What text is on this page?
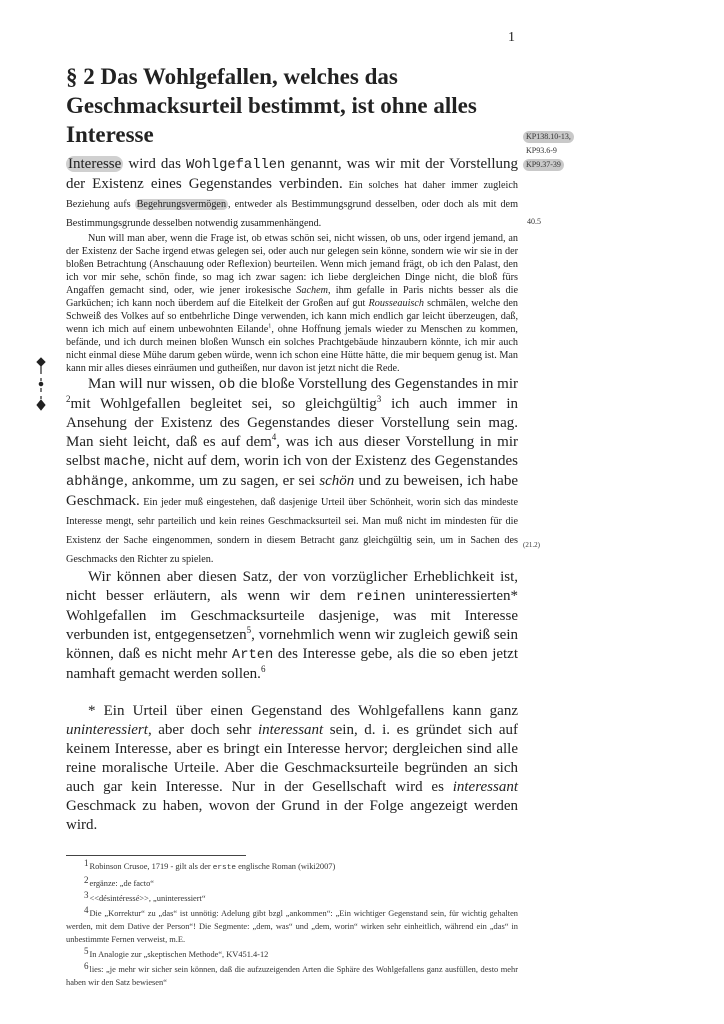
1
§ 2 Das Wohlgefallen, welches das Geschmacksurteil bestimmt, ist ohne alles Interesse

Interesse wird das Wohlgefallen genannt, was wir mit der Vorstellung der Existenz eines Gegenstandes verbinden. Ein solches hat daher immer zugleich Beziehung aufs Begehrungsvermögen , entweder als Bestimmungsgrund desselben, oder doch als mit dem Bestimmungsgrunde desselben notwendig zusammenhängend.

Nun will man aber, wenn die Frage ist, ob etwas schön sei, nicht wissen, ob uns, oder irgend jemand, an der Existenz der Sache irgend etwas gelegen sei, oder auch nur gelegen sein könne, sondern wie wir sie in der bloßen Betrachtung (Anschauung oder Reflexion) beurteilen. Wenn mich jemand frägt, ob ich den Palast, den ich vor mir sehe, schön finde, so mag ich zwar sagen: ich liebe dergleichen Dinge nicht, die bloß fürs Angaffen gemacht sind, oder, wie jener irokesische Sachem, ihm gefalle in Paris nichts besser als die Garküchen; ich kann noch überdem auf die Eitelkeit der Großen auf gut Rousseauisch schmälen, welche den Schweiß des Volkes auf so entbehrliche Dinge verwenden, ich kann mich endlich gar leicht überzeugen, daß, wenn ich mich auf einem unbewohnten Eilande$^1$, ohne Hoffnung jemals wieder zu Menschen zu kommen, befände, und ich durch meinen bloßen Wunsch ein solches Prachtgebäude hinzaubern könnte, ich mir auch nicht einmal diese Mühe darum geben würde, wenn ich schon eine Hütte hätte, die mir bequem genug ist. Man kann mir alles dieses einräumen und gutheißen, nur davon ist jetzt nicht die Rede.

Man will nur wissen, ob die bloße Vorstellung des Gegenstandes in mir $^2$mit Wohlgefallen begleitet sei, so gleichgültig$^3$ ich auch immer in Ansehung der Existenz des Gegenstandes dieser Vorstellung sein mag. Man sieht leicht, daß es auf dem$^4$, was ich aus dieser Vorstellung in mir selbst mache, nicht auf dem, worin ich von der Existenz des Gegenstandes abhänge, ankomme, um zu sagen, er sei schön und zu beweisen, ich habe Geschmack. Ein jeder muß eingestehen, daß dasjenige Urteil über Schönheit, worin sich das mindeste Interesse mengt, sehr parteilich und kein reines Geschmacksurteil sei. Man muß nicht im mindesten für die Existenz der Sache eingenommen, sondern in diesem Betracht ganz gleichgültig sein, um in Sachen des Geschmacks den Richter zu spielen.

Wir können aber diesen Satz, der von vorzüglicher Erheblichkeit ist, nicht besser erläutern, als wenn wir dem reinen uninteressierten* Wohlgefallen im Geschmacksurteile dasjenige, was mit Interesse verbunden ist, entgegensetzen$^5$, vornehmlich wenn wir zugleich gewiß sein können, daß es nicht mehr Arten des Interesse gebe, als die so eben jetzt namhaft gemacht werden sollen.$^6$

* Ein Urteil über einen Gegenstand des Wohlgefallens kann ganz uninteressiert, aber doch sehr interessant sein, d. i. es gründet sich auf keinem Interesse, aber es bringt ein Interesse hervor; dergleichen sind alle reine moralische Urteile. Aber die Geschmacksurteile begründen an sich auch gar kein Interesse. Nur in der Gesellschaft wird es interessant Geschmack zu haben, wovon der Grund in der Folge angezeigt werden wird.

$^1$Robinson Crusoe, 1719 - gilt als der erste englische Roman (wiki2007)

$^2$ergänze: „de facto“

$^3$<<désintéressé>>, „uninteressiert“

$^4$Die „Korrektur“ zu „das“ ist unnötig: Adelung gibt bzgl „ankommen“: „Ein wichtiger Gegenstand sein, für wichtig gehalten werden, mit dem Dative der Person“! Die Segmente: „dem, was“ und „dem, worin“ wirken sehr einheitlich, während ein „das“ in unbestimmte Fernen verweist, m.E.

$^5$In Analogie zur „skeptischen Methode“, KV451.4-12

$^6$lies: „je mehr wir sicher sein können, daß die aufzuzeigenden Arten die Sphäre des Wohlgefallens ganz ausfüllen, desto mehr haben wir den Satz bewiesen“

KP138.10-13,
KP93.6-9
KP9.37-39
40.5
(21.2)
